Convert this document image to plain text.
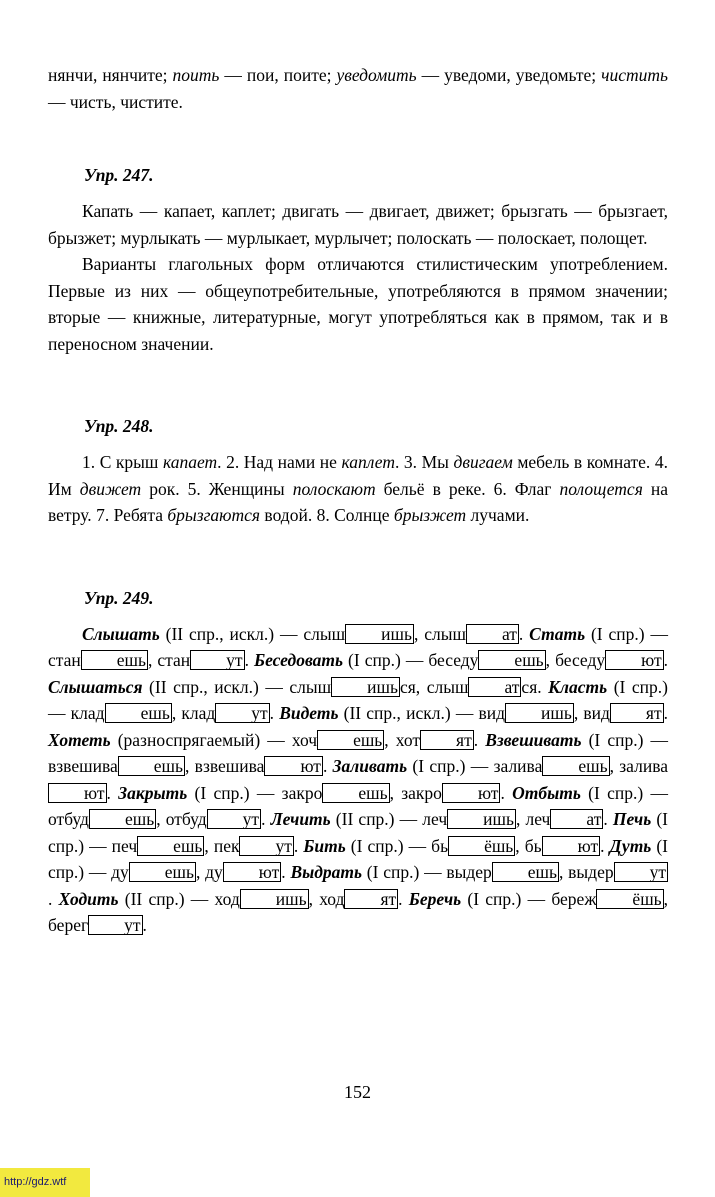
нянчи, нянчите; поить — пои, поите; уведомить — уведоми, уведомьте; чистить — чисть, чистите.

Упр. 247.

Капать — капает, каплет; двигать — двигает, движет; брызгать — брызгает, брызжет; мурлыкать — мурлыкает, мурлычет; полоскать — полоскает, полощет.

Варианты глагольных форм отличаются стилистическим употреблением. Первые из них — общеупотребительные, употребляются в прямом значении; вторые — книжные, литературные, могут употребляться как в прямом, так и в переносном значении.

Упр. 248.

1. С крыш капает. 2. Над нами не каплет. 3. Мы двигаем мебель в комнате. 4. Им движет рок. 5. Женщины полоскают бельё в реке. 6. Флаг полощется на ветру. 7. Ребята брызгаются водой. 8. Солнце брызжет лучами.

Упр. 249.

Слышать (II спр., искл.) — слыш ишь , слыш ат . Стать (I спр.) — стан ешь , стан ут . Беседовать (I спр.) — беседу ешь , беседу ют . Слышаться (II спр., искл.) — слыш ишь ся, слыш ат ся. Класть (I спр.) — клад ешь , клад ут . Видеть (II спр., искл.) — вид ишь , вид ят . Хотеть (разноспрягаемый) — хоч ешь , хот ят . Взвешивать (I спр.) — взвешива ешь , взвешива ют . Заливать (I спр.) — залива ешь , заливают . Закрыть (I спр.) — закро ешь , закро ют . Отбыть (I спр.) — отбуд ешь , отбуд ут . Лечить (II спр.) — леч ишь , леч ат . Печь (I спр.) — печ ешь , пек ут . Бить (I спр.) — бь ёшь , бь ют . Дуть (I спр.) — ду ешь , ду ют . Выдрать (I спр.) — выдер ешь , выдер ут. Ходить (II спр.) — ход ишь , ход ят . Беречь (I спр.) — береж ёшь , берег ут .

152
http://gdz.wtf
